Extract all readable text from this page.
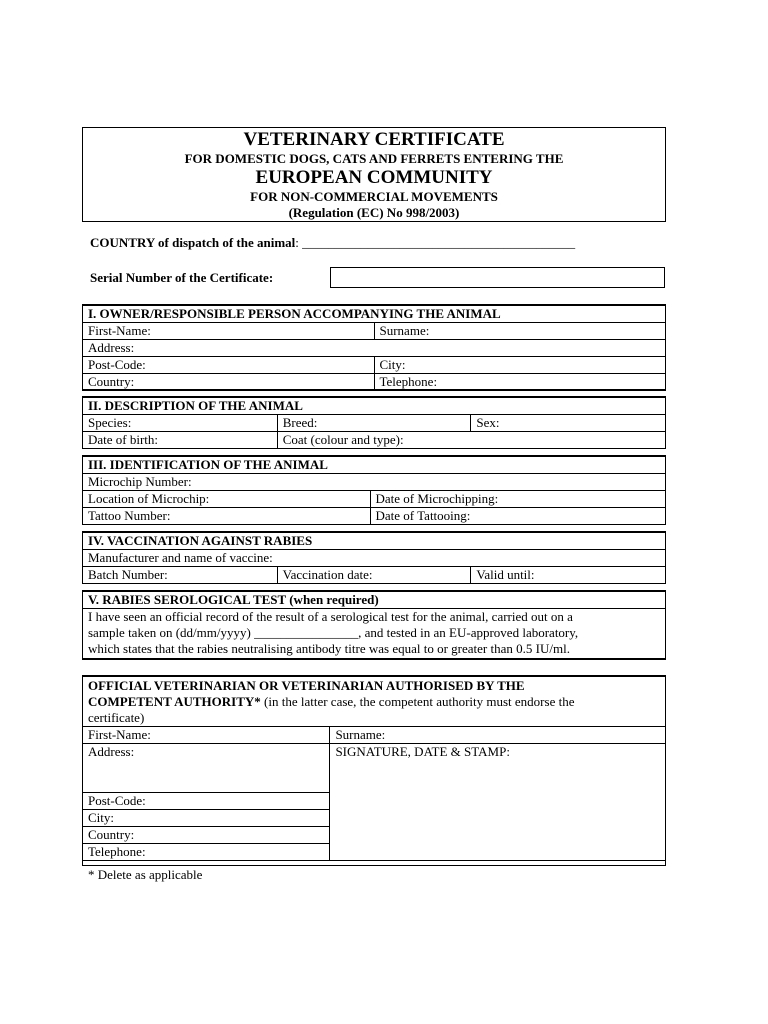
VETERINARY CERTIFICATE
FOR DOMESTIC DOGS, CATS AND FERRETS ENTERING THE
EUROPEAN COMMUNITY
FOR NON-COMMERCIAL MOVEMENTS
(Regulation (EC) No 998/2003)
COUNTRY of dispatch of the animal: __________________________________________
Serial Number of the Certificate:
I. OWNER/RESPONSIBLE PERSON ACCOMPANYING THE ANIMAL	
First-Name:	Surname:
Address:	
Post-Code:	City:
Country:	Telephone:
II. DESCRIPTION OF THE ANIMAL		
Species:	Breed:	Sex:
Date of birth:	Coat (colour and type):	
III. IDENTIFICATION OF THE ANIMAL	
Microchip Number:	
Location of Microchip:	Date of Microchipping:
Tattoo Number:	Date of Tattooing:
IV. VACCINATION AGAINST RABIES
Manufacturer and name of vaccine:
Batch Number:	Vaccination date:	Valid until:
V. RABIES SEROLOGICAL TEST (when required)

I have seen an official record of the result of a serological test for the animal, carried out on a
sample taken on (dd/mm/yyyy) ________________, and tested in an EU-approved laboratory,
which states that the rabies neutralising antibody titre was equal to or greater than 0.5 IU/ml.
OFFICIAL VETERINARIAN OR VETERINARIAN AUTHORISED BY THE
COMPETENT AUTHORITY* (in the latter case, the competent authority must endorse the
certificate)	

First-Name:	Surname:
Address:	SIGNATURE, DATE & STAMP:
Post-Code:	
City:	
Country:	
Telephone:	
* Delete as applicable
